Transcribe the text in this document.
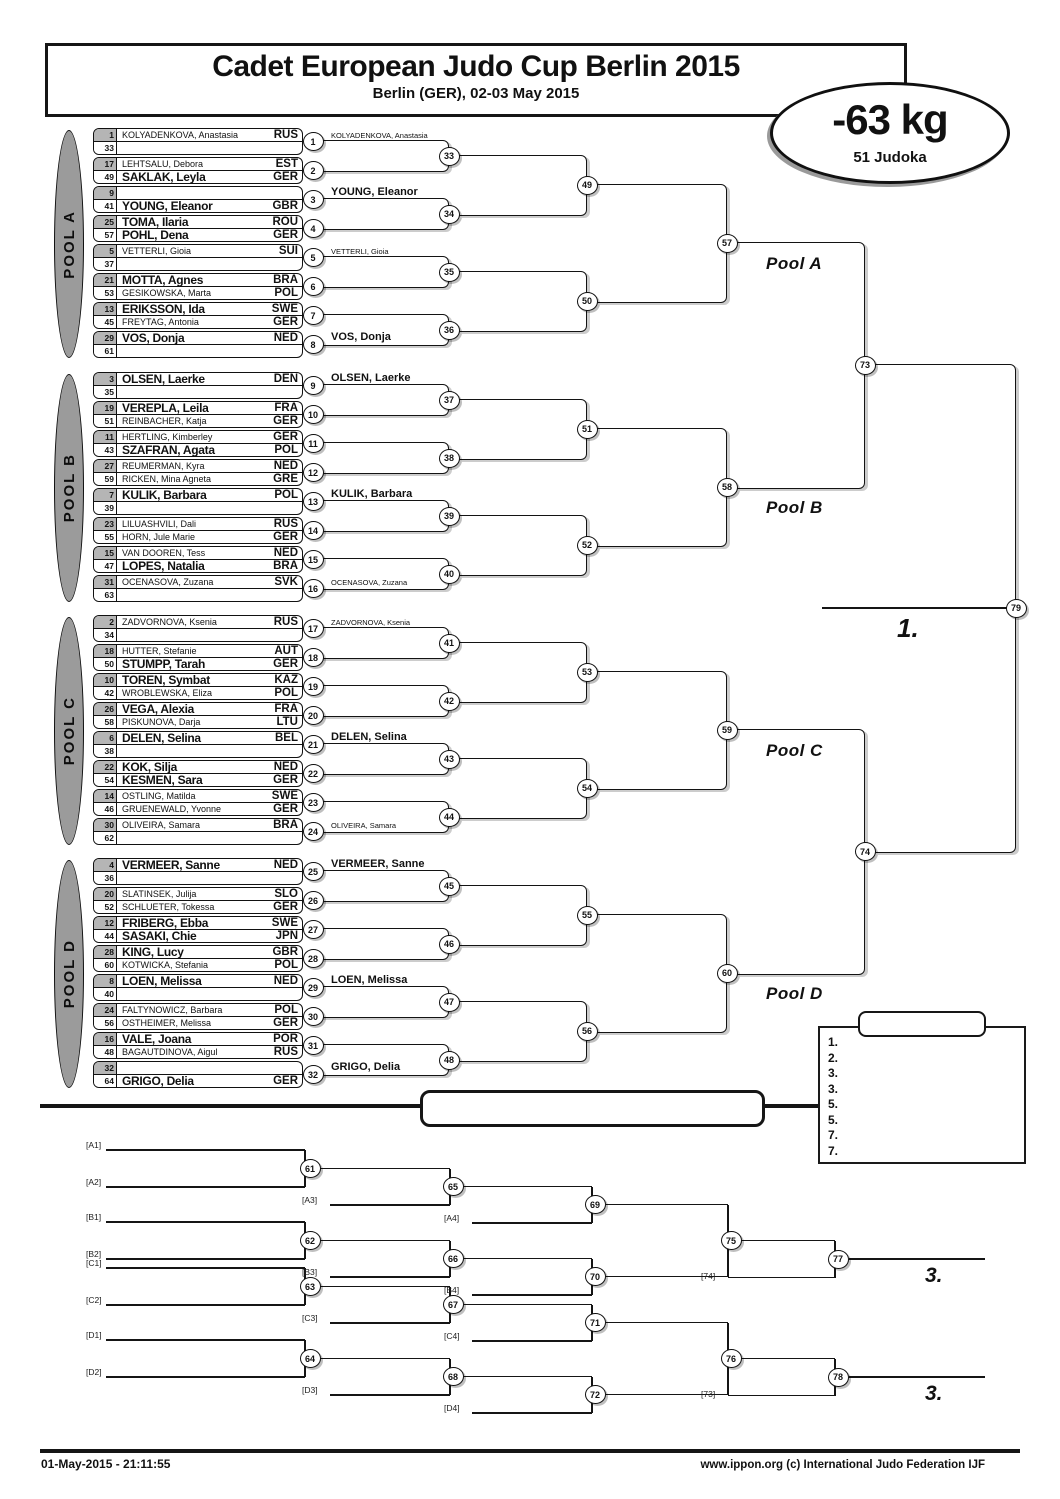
Cadet European Judo Cup Berlin 2015
Berlin (GER), 02-03 May 2015
-63 kg
51 Judoka
01-May-2015 - 21:11:55	www.ippon.org (c) International Judo Federation IJF
POOL A
1 KOLYADENKOVA, Anastasia	RUS
33
1
17 LEHTSALU, Debora	EST
49 SAKLAK, Leyla	GER
2
9
41 YOUNG, Eleanor	GBR
3
25 TOMA, Ilaria	ROU
57 POHL, Dena	GER
4
5 VETTERLI, Gioia	SUI
37
5
21 MOTTA, Agnes	BRA
53 GESIKOWSKA, Marta	POL
6
13 ERIKSSON, Ida	SWE
45 FREYTAG, Antonia	GER
7
29 VOS, Donja	NED
61
8
33
34
35
36
KOLYADENKOVA, Anastasia
YOUNG, Eleanor
VETTERLI, Gioia
VOS, Donja
49
50
57
Pool A
POOL B
3 OLSEN, Laerke	DEN
35
9
19 VEREPLA, Leila	FRA
51 REINBACHER, Katja	GER
10
11 HERTLING, Kimberley	GER
43 SZAFRAN, Agata	POL
11
27 REUMERMAN, Kyra	NED
59 RICKEN, Mina Agneta	GRE
12
7 KULIK, Barbara	POL
39
13
23 LILUASHVILI, Dali	RUS
55 HORN, Jule Marie	GER
14
15 VAN DOOREN, Tess	NED
47 LOPES, Natalia	BRA
15
31 OCENASOVA, Zuzana	SVK
63
16
37
38
39
40
OLSEN, Laerke
KULIK, Barbara
OCENASOVA, Zuzana
51
52
58
Pool B
POOL C
2 ZADVORNOVA, Ksenia	RUS
34
17
18 HUTTER, Stefanie	AUT
50 STUMPP, Tarah	GER
18
10 TOREN, Symbat	KAZ
42 WROBLEWSKA, Eliza	POL
19
26 VEGA, Alexia	FRA
58 PISKUNOVA, Darja	LTU
20
6 DELEN, Selina	BEL
38
21
22 KOK, Silja	NED
54 KESMEN, Sara	GER
22
14 OSTLING, Matilda	SWE
46 GRUENEWALD, Yvonne	GER
23
30 OLIVEIRA, Samara	BRA
62
24
41
42
43
44
ZADVORNOVA, Ksenia
DELEN, Selina
OLIVEIRA, Samara
53
54
59
Pool C
POOL D
4 VERMEER, Sanne	NED
36
25
20 SLATINSEK, Julija	SLO
52 SCHLUETER, Tokessa	GER
26
12 FRIBERG, Ebba	SWE
44 SASAKI, Chie	JPN
27
28 KING, Lucy	GBR
60 KOTWICKA, Stefania	POL
28
8 LOEN, Melissa	NED
40
29
24 FALTYNOWICZ, Barbara	POL
56 OSTHEIMER, Melissa	GER
30
16 VALE, Joana	POR
48 BAGAUTDINOVA, Aigul	RUS
31
32
64 GRIGO, Delia	GER
32
45
46
47
48
VERMEER, Sanne
LOEN, Melissa
GRIGO, Delia
55
56
60
Pool D
73
74
79
1.
1.
2.
3.
3.
5.
5.
7.
7.
[A1]
[A2]
61
[A3]
65
[A4]
69
[B1]
[B2]
62
[B3]
66
[B4]
70
[C1]
[C2]
63
[C3]
67
[C4]
71
[D1]
[D2]
64
[D3]
68
[D4]
72
75
[74]
77
3.
76
[73]
78
3.
